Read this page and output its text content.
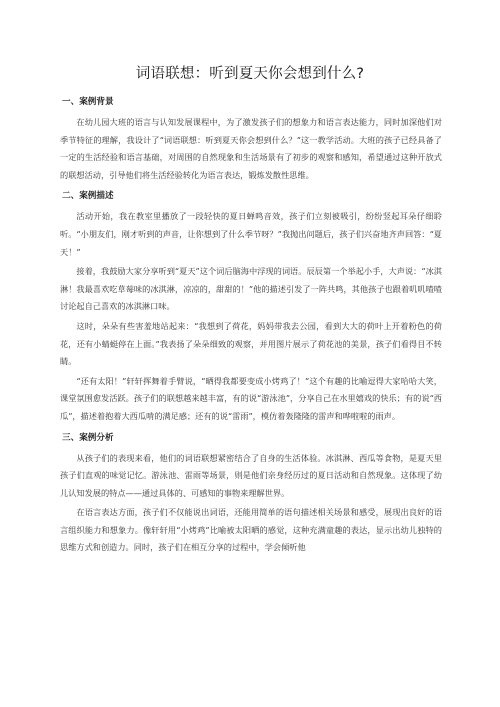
词语联想：听到夏天你会想到什么?
一、案例背景

在幼儿园大班的语言与认知发展课程中，为了激发孩子们的想象力和语言表达能力，同时加深他们对季节特征的理解，我设计了“词语联想：听到夏天你会想到什么？”这一教学活动。大班的孩子已经具备了一定的生活经验和语言基础，对周围的自然现象和生活场景有了初步的观察和感知，希望通过这种开放式的联想活动，引导他们将生活经验转化为语言表达，锻炼发散性思维。

二、案例描述

活动开始，我在教室里播放了一段轻快的夏日蝉鸣音效，孩子们立刻被吸引，纷纷竖起耳朵仔细聆听。“小朋友们，刚才听到的声音，让你想到了什么季节呀？”我抛出问题后，孩子们兴奋地齐声回答：“夏天！”

接着，我鼓励大家分享听到“夏天”这个词后脑海中浮现的词语。辰辰第一个举起小手，大声说：“冰淇淋！我最喜欢吃草莓味的冰淇淋，凉凉的，甜甜的！”他的描述引发了一阵共鸣，其他孩子也跟着叽叽喳喳讨论起自己喜欢的冰淇淋口味。

这时，朵朵有些害羞地站起来：“我想到了荷花，妈妈带我去公园，看到大大的荷叶上开着粉色的荷花，还有小蜻蜓停在上面。”我表扬了朵朵细致的观察，并用图片展示了荷花池的美景，孩子们看得目不转睛。

“还有太阳！”轩轩挥舞着手臂说，“晒得我都要变成小烤鸡了！”这个有趣的比喻逗得大家哈哈大笑，课堂氛围愈发活跃。孩子们的联想越来越丰富，有的说“游泳池”，分享自己在水里嬉戏的快乐；有的说“西瓜”，描述着抱着大西瓜啃的满足感；还有的说“雷雨”，模仿着轰隆隆的雷声和哗啦啦的雨声。

三、案例分析

从孩子们的表现来看，他们的词语联想紧密结合了自身的生活体验。冰淇淋、西瓜等食物，是夏天里孩子们直观的味觉记忆。游泳池、雷雨等场景，则是他们亲身经历过的夏日活动和自然现象。这体现了幼儿认知发展的特点——通过具体的、可感知的事物来理解世界。

在语言表达方面，孩子们不仅能说出词语，还能用简单的语句描述相关场景和感受，展现出良好的语言组织能力和想象力。像轩轩用“小烤鸡”比喻被太阳晒的感觉，这种充满童趣的表达，显示出幼儿独特的思维方式和创造力。同时，孩子们在相互分享的过程中，学会倾听他
